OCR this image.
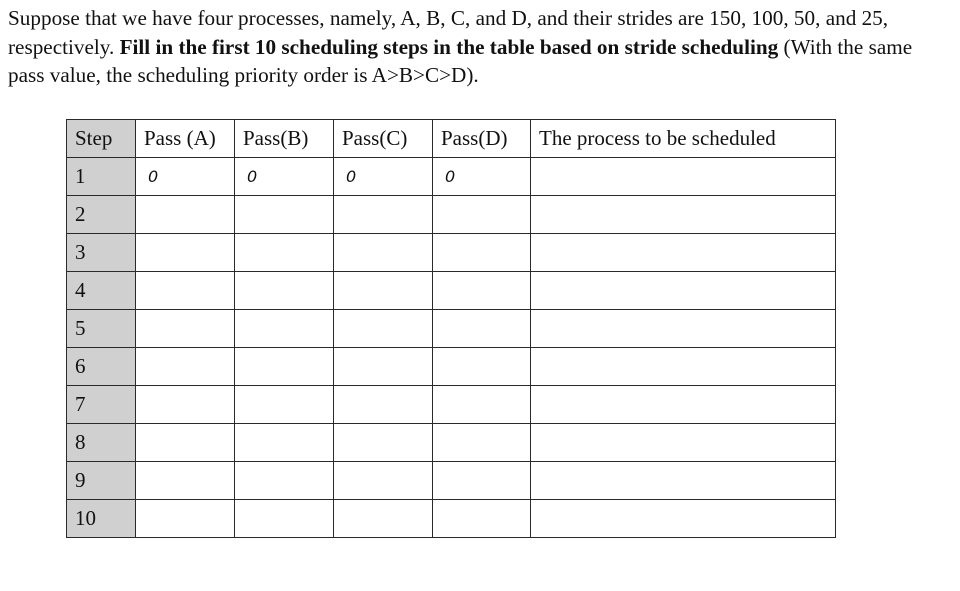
Suppose that we have four processes, namely, A, B, C, and D, and their strides are 150, 100, 50, and 25, respectively. Fill in the first 10 scheduling steps in the table based on stride scheduling (With the same pass value, the scheduling priority order is A>B>C>D).

Step	Pass (A)	Pass(B)	Pass(C)	Pass(D)	The process to be scheduled
1	0	0	0	0	
2					
3					
4					
5					
6					
7					
8					
9					
10					
